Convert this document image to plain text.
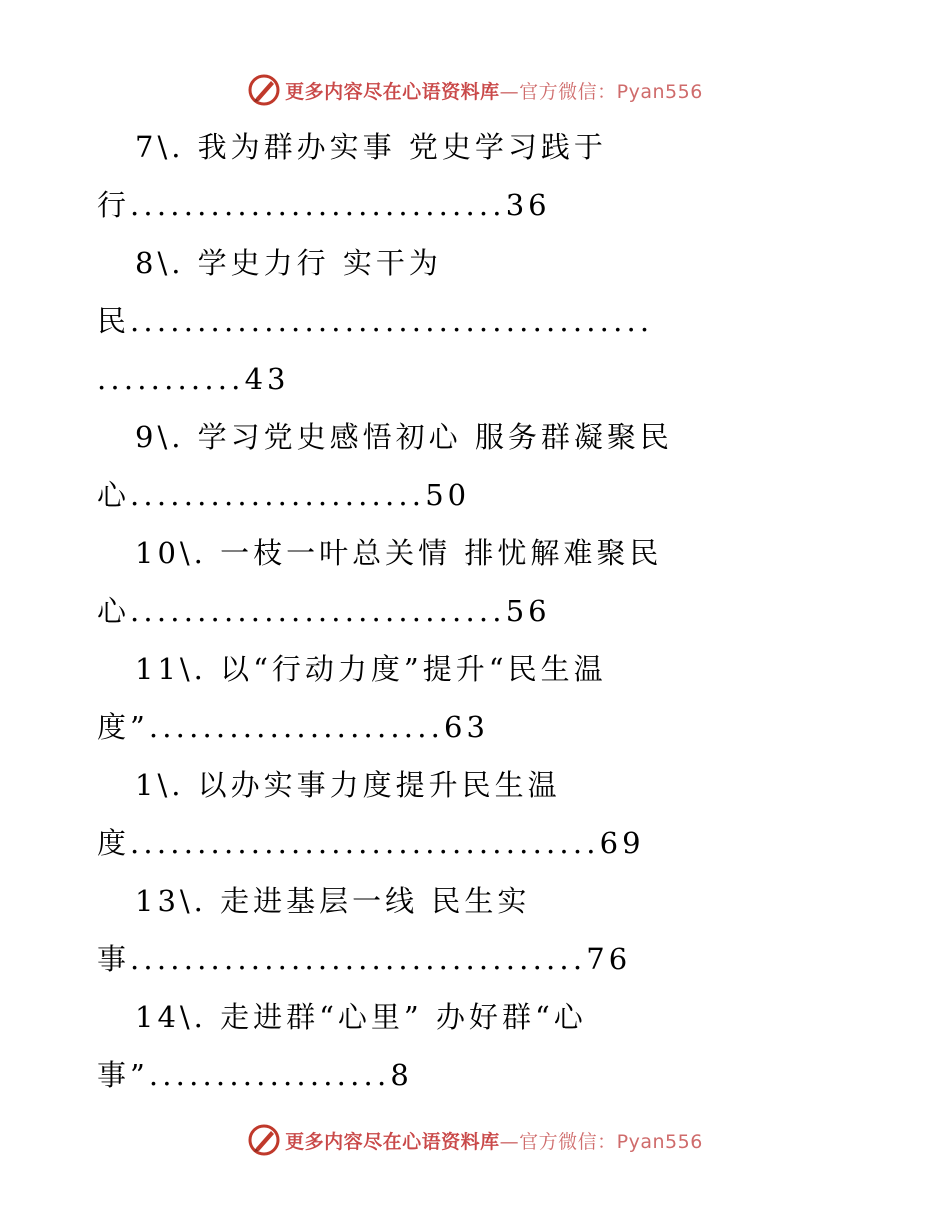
更多内容尽在心语资料库—官方微信：Pyan556
7\. 我为群办实事 党史学习践于
行............................36
8\. 学史力行 实干为
民.......................................
...........43
9\. 学习党史感悟初心 服务群凝聚民
心......................50
10\. 一枝一叶总关情 排忧解难聚民
心............................56
11\. 以“行动力度”提升“民生温
度”......................63
1\. 以办实事力度提升民生温
度...................................69
13\. 走进基层一线 民生实
事..................................76
14\. 走进群“心里” 办好群“心
事”..................8
更多内容尽在心语资料库—官方微信：Pyan556
